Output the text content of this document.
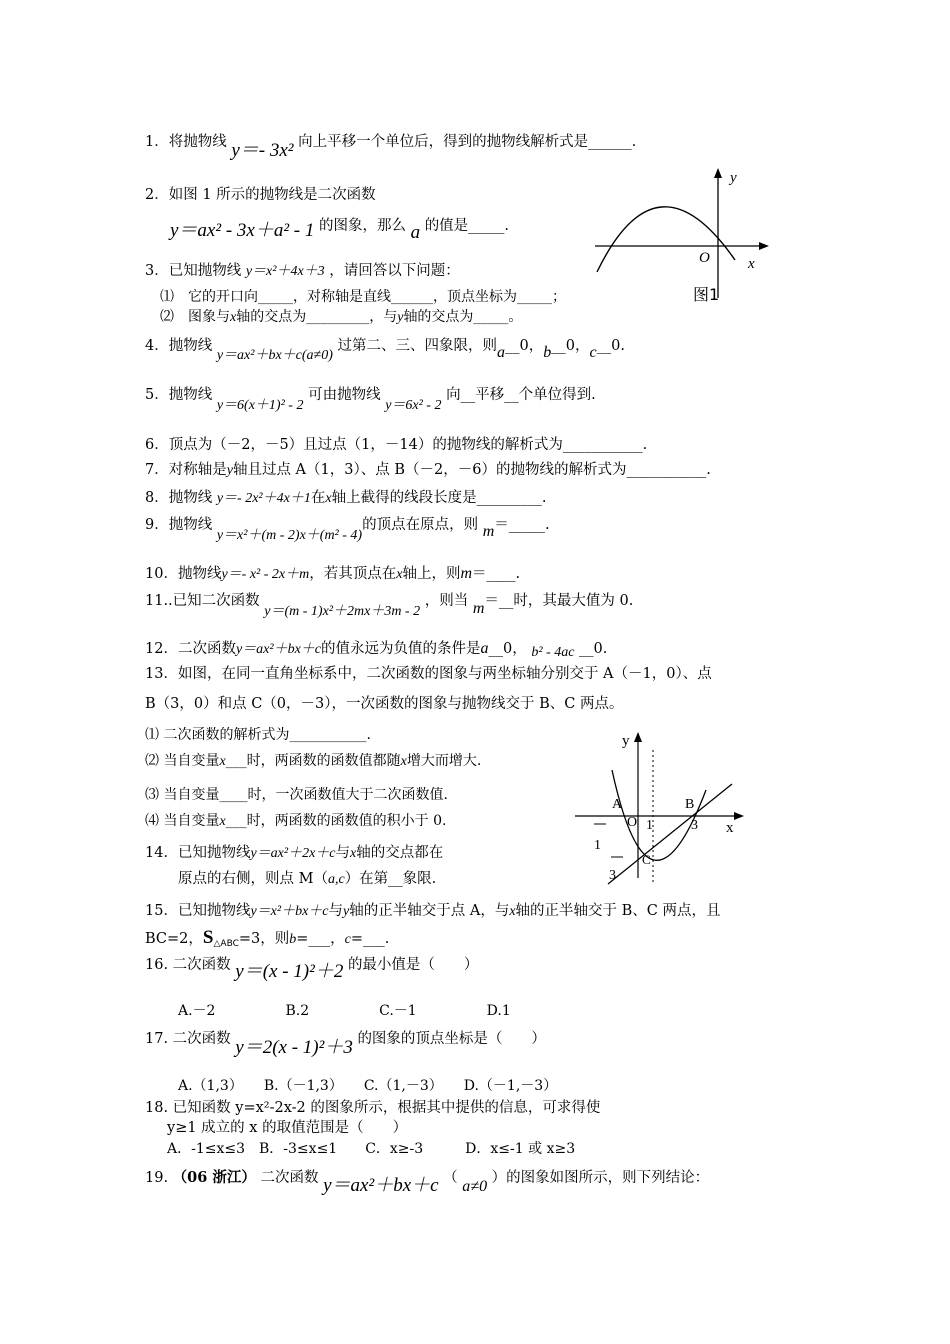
1．将抛物线 y＝- 3x² 向上平移一个单位后，得到的抛物线解析式是______.
2．如图 1 所示的抛物线是二次函数
y＝ax² - 3x＋a² - 1 的图象，那么 a 的值是_____.
y
x
O
图1
3．已知抛物线 y＝x²＋4x＋3 ，请回答以下问题：
⑴　它的开口向_____，对称轴是直线______，顶点坐标为_____；
⑵　图象与x轴的交点为_________，与y轴的交点为_____。
4．抛物线 y＝ax²＋bx＋c(a≠0) 过第二、三、四象限，则a__0，b__0，c__0.
5．抛物线 y＝6(x＋1)² - 2 可由抛物线 y＝6x² - 2 向__平移__个单位得到.
6．顶点为（－2，－5）且过点（1，－14）的抛物线的解析式为___________.
7．对称轴是y轴且过点 A（1，3）、点 B（－2，－6）的抛物线的解析式为___________.
8．抛物线 y＝- 2x²＋4x＋1在x轴上截得的线段长度是_________.
9．抛物线 y＝x²＋(m - 2)x＋(m² - 4)的顶点在原点，则 m＝_____.
10．抛物线y＝- x² - 2x＋m，若其顶点在x轴上，则m＝____.
11..已知二次函数 y＝(m - 1)x²＋2mx＋3m - 2 ，则当 m＝__时，其最大值为 0.
12．二次函数y＝ax²＋bx＋c的值永远为负值的条件是a__0， b² - 4ac __0.
13．如图，在同一直角坐标系中，二次函数的图象与两坐标轴分别交于 A（－1，0）、点
B（3，0）和点 C（0，－3），一次函数的图象与抛物线交于 B、C 两点。
⑴ 二次函数的解析式为___________.
⑵ 当自变量x___时，两函数的函数值都随x增大而增大.
⑶ 当自变量____时，一次函数值大于二次函数值.
⑷ 当自变量x___时，两函数的函数值的积小于 0.
y
x
A	B
C
O 1	3
1
3
14．已知抛物线y＝ax²＋2x＋c与x轴的交点都在
原点的右侧，则点 M（a,c）在第__象限.
15．已知抛物线y＝x²＋bx＋c与y轴的正半轴交于点 A，与x轴的正半轴交于 B、C 两点，且
BC=2，$S_{\triangle ABC}=3$，则b=___，c=___.
16. 二次函数 y＝(x - 1)²＋2 的最小值是（　　）
A.－2　　　　　B.2　　　　　C.－1　　　　　D.1
17. 二次函数 y＝2(x - 1)²＋3 的图象的顶点坐标是（　　）
A.（1,3）　　B.（－1,3）　　C.（1,－3）　　D.（－1,－3）
18. 已知函数 y=x²-2x-2 的图象所示，根据其中提供的信息，可求得使
y≥1 成立的 x 的取值范围是（　　）
A．-1≤x≤3　B．-3≤x≤1　　C．x≥-3　　　D．x≤-1 或 x≥3
19. （06 浙江） 二次函数 y＝ax²＋bx＋c （ a≠0 ）的图象如图所示，则下列结论：
